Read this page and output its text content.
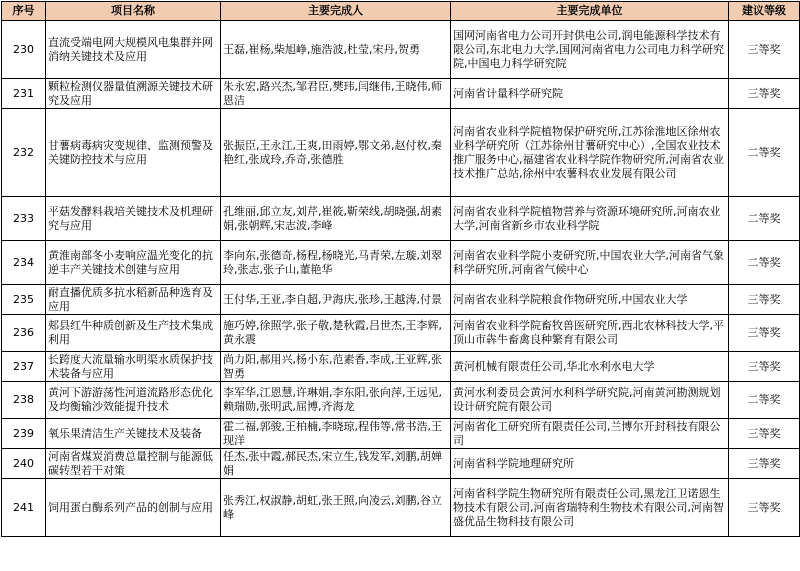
序号	项目名称	主要完成人	主要完成单位	建议等级
230	直流受端电网大规模风电集群并网消纳关键技术及应用	王磊,崔杨,柴旭峥,施浩波,杜莹,宋丹,贺勇	国网河南省电力公司开封供电公司,润电能源科学技术有限公司,东北电力大学,国网河南省电力公司电力科学研究院,中国电力科学研究院	三等奖
231	颗粒检测仪器量值溯源关键技术研究及应用	朱永宏,路兴杰,邹君臣,樊玮,闫继伟,王晓伟,师恩洁	河南省计量科学研究院	三等奖
232	甘薯病毒病灾变规律、监测预警及关键防控技术与应用	张振臣,王永江,王爽,田雨婷,鄂文弟,赵付枚,秦艳红,张成玲,乔奇,张德胜	河南省农业科学院植物保护研究所,江苏徐淮地区徐州农业科学研究所（江苏徐州甘薯研究中心）,全国农业技术推广服务中心,福建省农业科学院作物研究所,河南省农业技术推广总站,徐州中农薯科农业发展有限公司	二等奖
233	平菇发酵料栽培关键技术及机理研究与应用	孔维丽,邱立友,刘芹,崔筱,靳荣线,胡晓强,胡素娟,张朝辉,宋志波,李峰	河南省农业科学院植物营养与资源环境研究所,河南农业大学,河南省新乡市农业科学院	二等奖
234	黄淮南部冬小麦响应温光变化的抗逆丰产关键技术创建与应用	李向东,张德奇,杨程,杨晓光,马青荣,左璇,刘翠玲,张志,张子山,董艳华	河南省农业科学院小麦研究所,中国农业大学,河南省气象科学研究所,河南省气候中心	二等奖
235	耐直播优质多抗水稻新品种选育及应用	王付华,王亚,李自超,尹海庆,张珍,王越涛,付景	河南省农业科学院粮食作物研究所,中国农业大学	三等奖
236	郏县红牛种质创新及生产技术集成利用	施巧婷,徐照学,张子敬,楚秋霞,吕世杰,王李辉,黄永震	河南省农业科学院畜牧兽医研究所,西北农林科技大学,平顶山市犇牛畜禽良种繁育有限公司	三等奖
237	长跨度大流量输水明渠水质保护技术装备与应用	尚力阳,郝用兴,杨小东,范素香,李成,王亚辉,张智勇	黄河机械有限责任公司,华北水利水电大学	三等奖
238	黄河下游游荡性河道流路形态优化及均衡输沙效能提升技术	李军华,江恩慧,许琳娟,李东阳,张向萍,王远见,赖瑞勋,张明武,屈博,齐海龙	黄河水利委员会黄河水利科学研究院,河南黄河勘测规划设计研究院有限公司	二等奖
239	氧乐果清洁生产关键技术及装备	霍二福,郭骏,王柏楠,李晓琼,程伟等,常书浩,王现洋	河南省化工研究所有限责任公司,兰博尔开封科技有限公司	三等奖
240	河南省煤炭消费总量控制与能源低碳转型若干对策	任杰,张中霞,郝民杰,宋立生,钱发军,刘鹏,胡婵娟	河南省科学院地理研究所	三等奖
241	饲用蛋白酶系列产品的创制与应用	张秀江,权淑静,胡虹,张王照,向凌云,刘鹏,谷立峰	河南省科学院生物研究所有限责任公司,黑龙江卫诺恩生物技术有限公司,河南省瑞特利生物技术有限公司,河南智盛优品生物科技有限公司	三等奖
